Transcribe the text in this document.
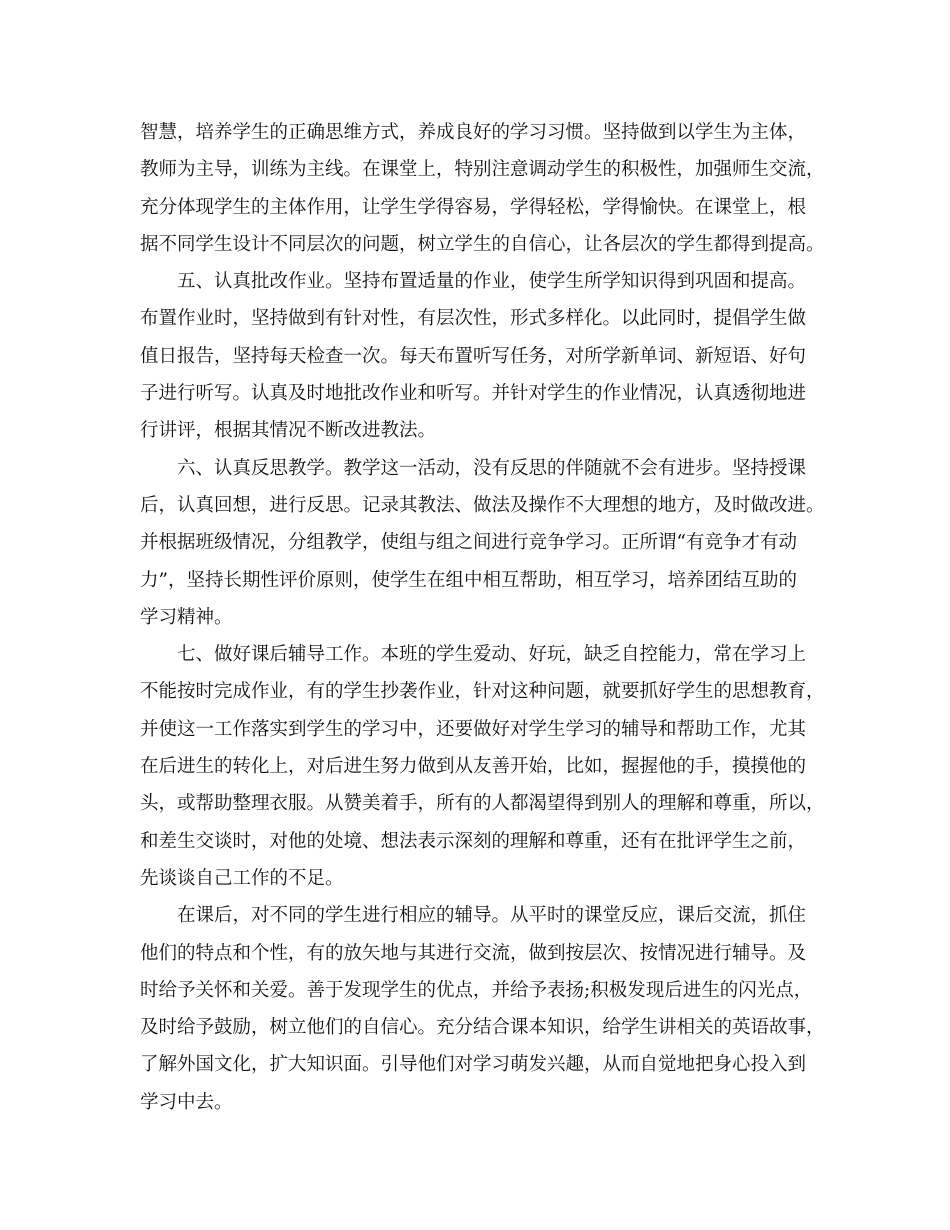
智慧，培养学生的正确思维方式，养成良好的学习习惯。坚持做到以学生为主体，
教师为主导，训练为主线。在课堂上，特别注意调动学生的积极性，加强师生交流，
充分体现学生的主体作用，让学生学得容易，学得轻松，学得愉快。在课堂上，根
据不同学生设计不同层次的问题，树立学生的自信心，让各层次的学生都得到提高。

五、认真批改作业。坚持布置适量的作业，使学生所学知识得到巩固和提高。
布置作业时，坚持做到有针对性，有层次性，形式多样化。以此同时，提倡学生做
值日报告，坚持每天检查一次。每天布置听写任务，对所学新单词、新短语、好句
子进行听写。认真及时地批改作业和听写。并针对学生的作业情况，认真透彻地进
行讲评，根据其情况不断改进教法。

六、认真反思教学。教学这一活动，没有反思的伴随就不会有进步。坚持授课
后，认真回想，进行反思。记录其教法、做法及操作不大理想的地方，及时做改进。
并根据班级情况，分组教学，使组与组之间进行竞争学习。正所谓“有竞争才有动
力”，坚持长期性评价原则，使学生在组中相互帮助，相互学习，培养团结互助的
学习精神。

七、做好课后辅导工作。本班的学生爱动、好玩，缺乏自控能力，常在学习上
不能按时完成作业，有的学生抄袭作业，针对这种问题，就要抓好学生的思想教育，
并使这一工作落实到学生的学习中，还要做好对学生学习的辅导和帮助工作，尤其
在后进生的转化上，对后进生努力做到从友善开始，比如，握握他的手，摸摸他的
头，或帮助整理衣服。从赞美着手，所有的人都渴望得到别人的理解和尊重，所以，
和差生交谈时，对他的处境、想法表示深刻的理解和尊重，还有在批评学生之前，
先谈谈自己工作的不足。

在课后，对不同的学生进行相应的辅导。从平时的课堂反应，课后交流，抓住
他们的特点和个性，有的放矢地与其进行交流，做到按层次、按情况进行辅导。及
时给予关怀和关爱。善于发现学生的优点，并给予表扬;积极发现后进生的闪光点，
及时给予鼓励，树立他们的自信心。充分结合课本知识，给学生讲相关的英语故事，
了解外国文化，扩大知识面。引导他们对学习萌发兴趣，从而自觉地把身心投入到
学习中去。
